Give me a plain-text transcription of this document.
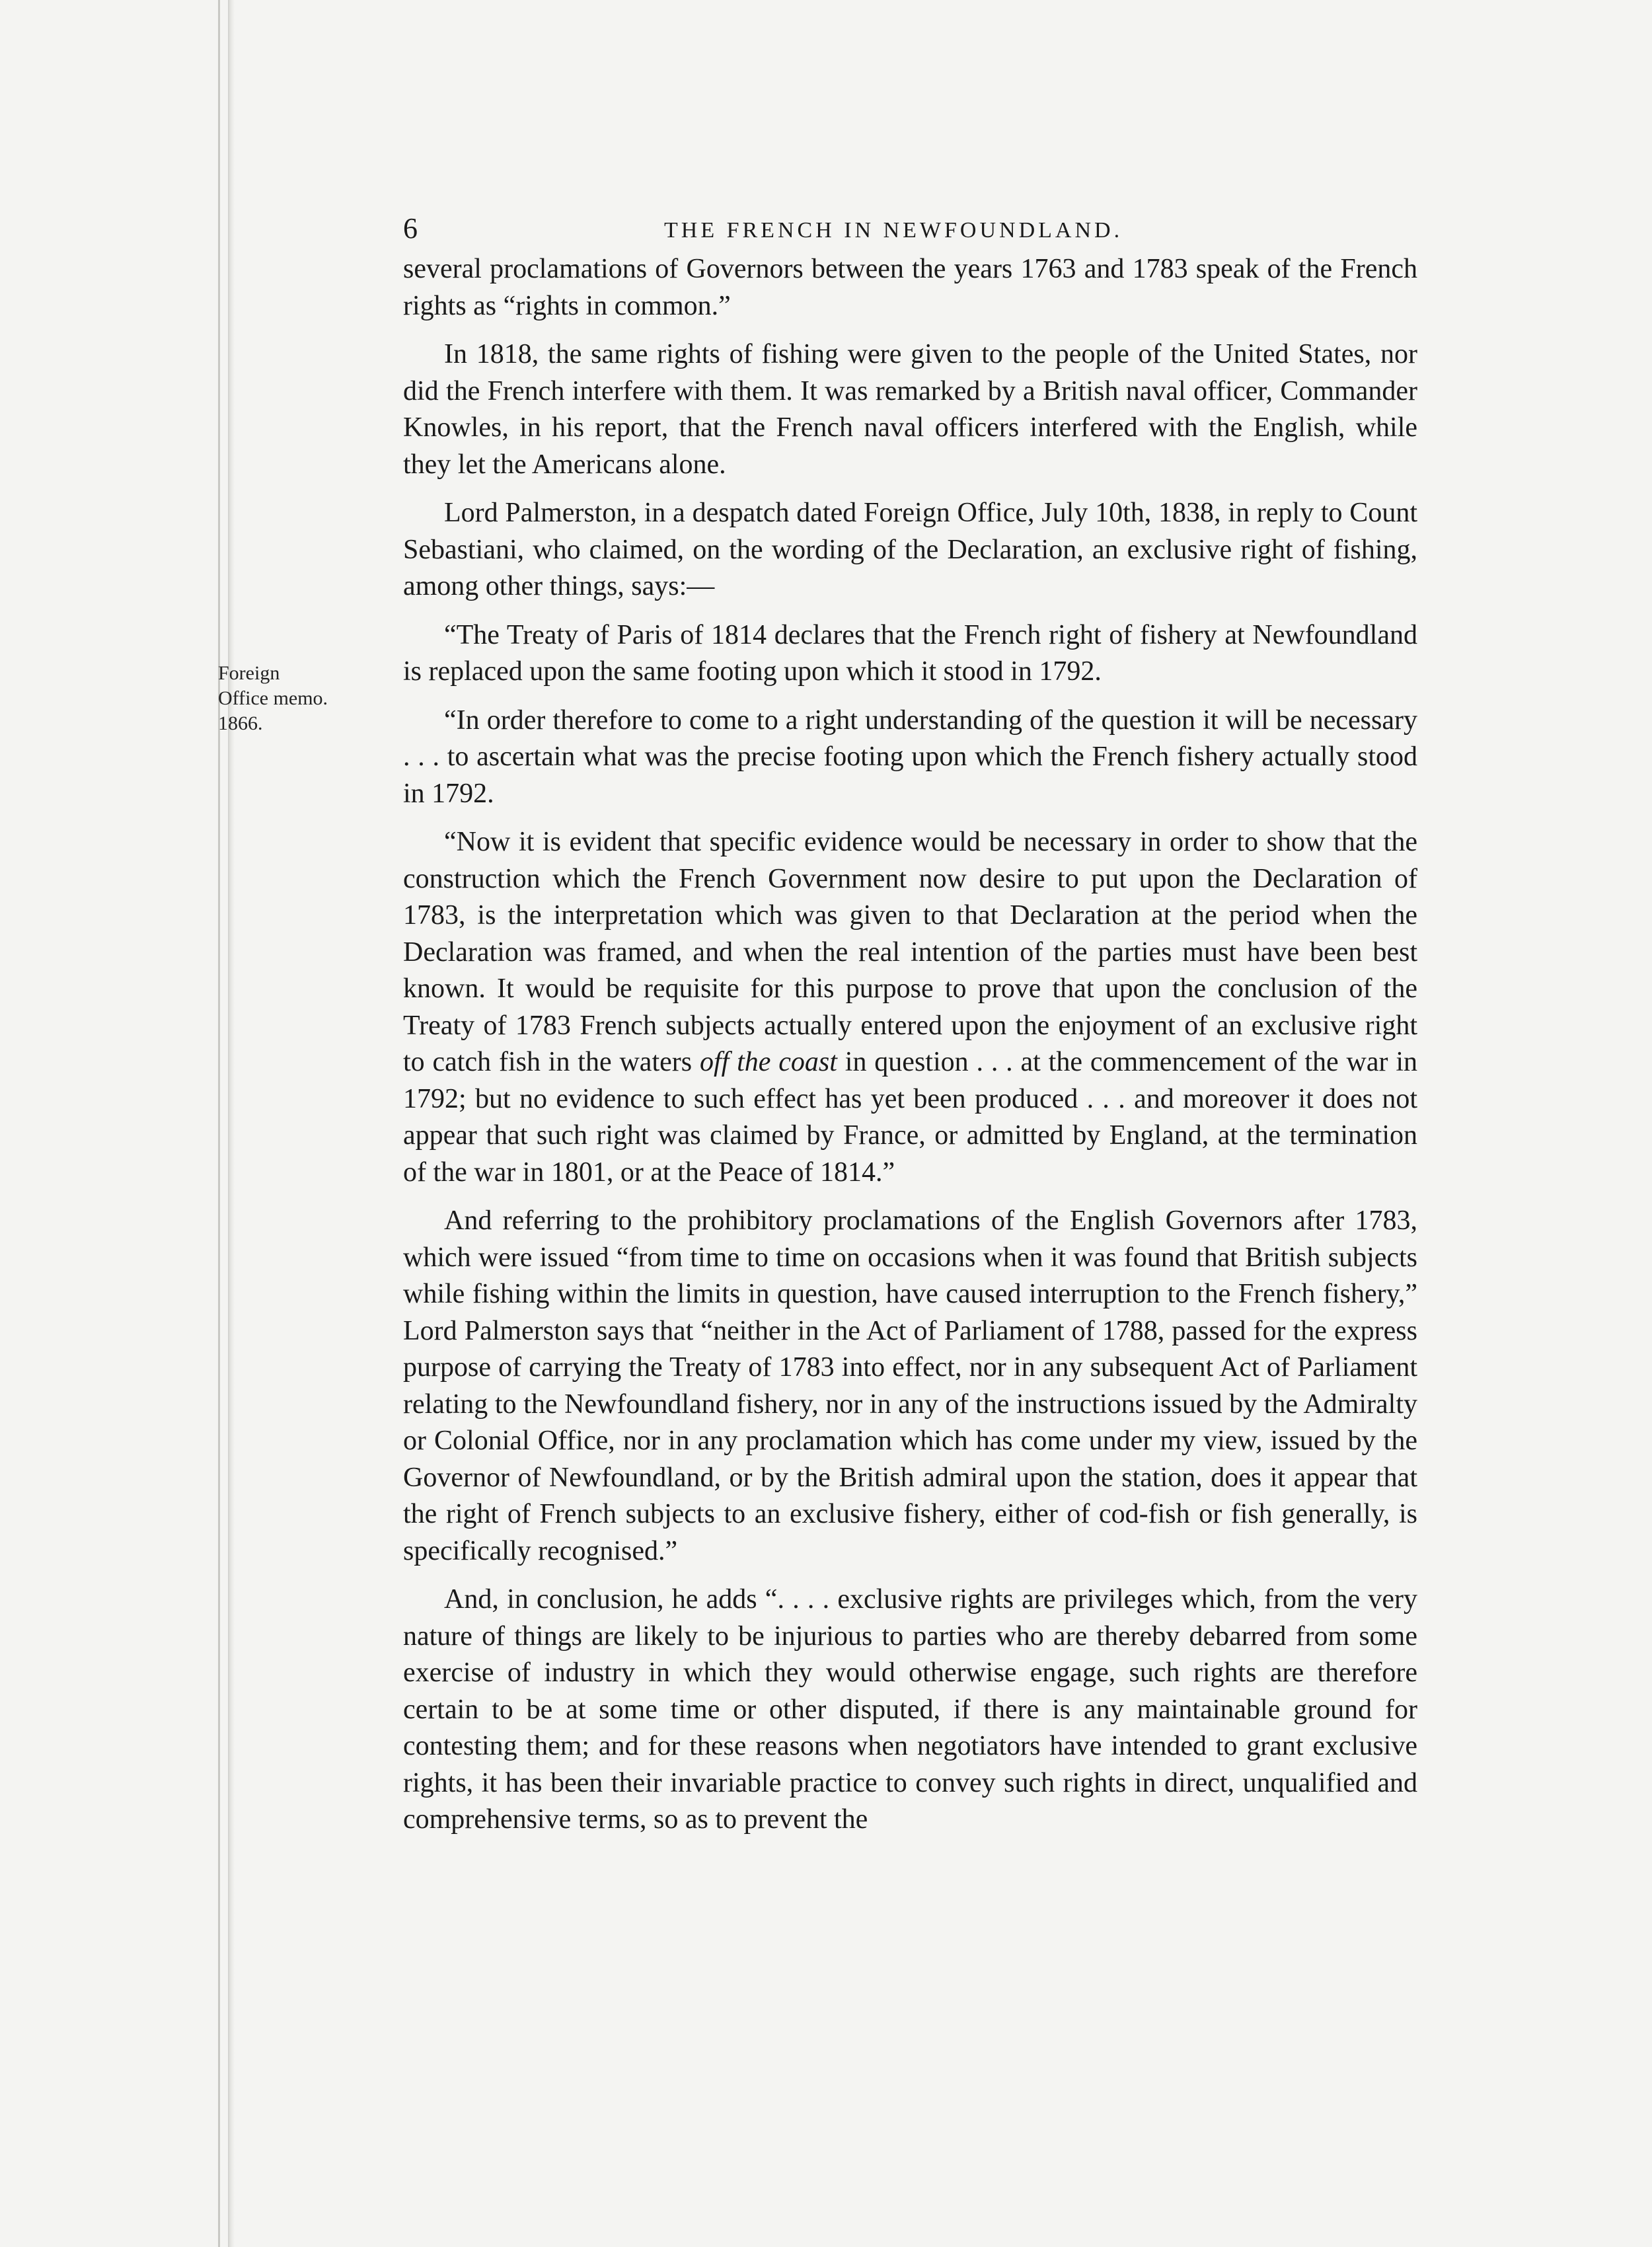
6	THE FRENCH IN NEWFOUNDLAND.

several proclamations of Governors between the years 1763 and 1783 speak of the French rights as “rights in common.”

In 1818, the same rights of fishing were given to the people of the United States, nor did the French interfere with them. It was remarked by a British naval officer, Commander Knowles, in his report, that the French naval officers interfered with the English, while they let the Americans alone.

Lord Palmerston, in a despatch dated Foreign Office, July 10th, 1838, in reply to Count Sebastiani, who claimed, on the wording of the Declaration, an exclusive right of fishing, among other things, says:—

“The Treaty of Paris of 1814 declares that the French right of fishery at Newfoundland is replaced upon the same footing upon which it stood in 1792.

“In order therefore to come to a right understanding of the question it will be necessary . . . to ascertain what was the precise footing upon which the French fishery actually stood in 1792.

“Now it is evident that specific evidence would be necessary in order to show that the construction which the French Government now desire to put upon the Declaration of 1783, is the interpretation which was given to that Declaration at the period when the Declaration was framed, and when the real intention of the parties must have been best known. It would be requisite for this purpose to prove that upon the conclusion of the Treaty of 1783 French subjects actually entered upon the enjoyment of an exclusive right to catch fish in the waters off the coast in question . . . at the commencement of the war in 1792; but no evidence to such effect has yet been produced . . . and moreover it does not appear that such right was claimed by France, or admitted by England, at the termination of the war in 1801, or at the Peace of 1814.”

And referring to the prohibitory proclamations of the English Governors after 1783, which were issued “from time to time on occasions when it was found that British subjects while fishing within the limits in question, have caused interruption to the French fishery,” Lord Palmerston says that “neither in the Act of Parliament of 1788, passed for the express purpose of carrying the Treaty of 1783 into effect, nor in any subsequent Act of Parliament relating to the Newfoundland fishery, nor in any of the instructions issued by the Admiralty or Colonial Office, nor in any proclamation which has come under my view, issued by the Governor of Newfoundland, or by the British admiral upon the station, does it appear that the right of French subjects to an exclusive fishery, either of cod-fish or fish generally, is specifically recognised.”

And, in conclusion, he adds “. . . . exclusive rights are privileges which, from the very nature of things are likely to be injurious to parties who are thereby debarred from some exercise of industry in which they would otherwise engage, such rights are therefore certain to be at some time or other disputed, if there is any maintainable ground for contesting them; and for these reasons when negotiators have intended to grant exclusive rights, it has been their invariable practice to convey such rights in direct, unqualified and comprehensive terms, so as to prevent the

Foreign
Office memo.
1866.
